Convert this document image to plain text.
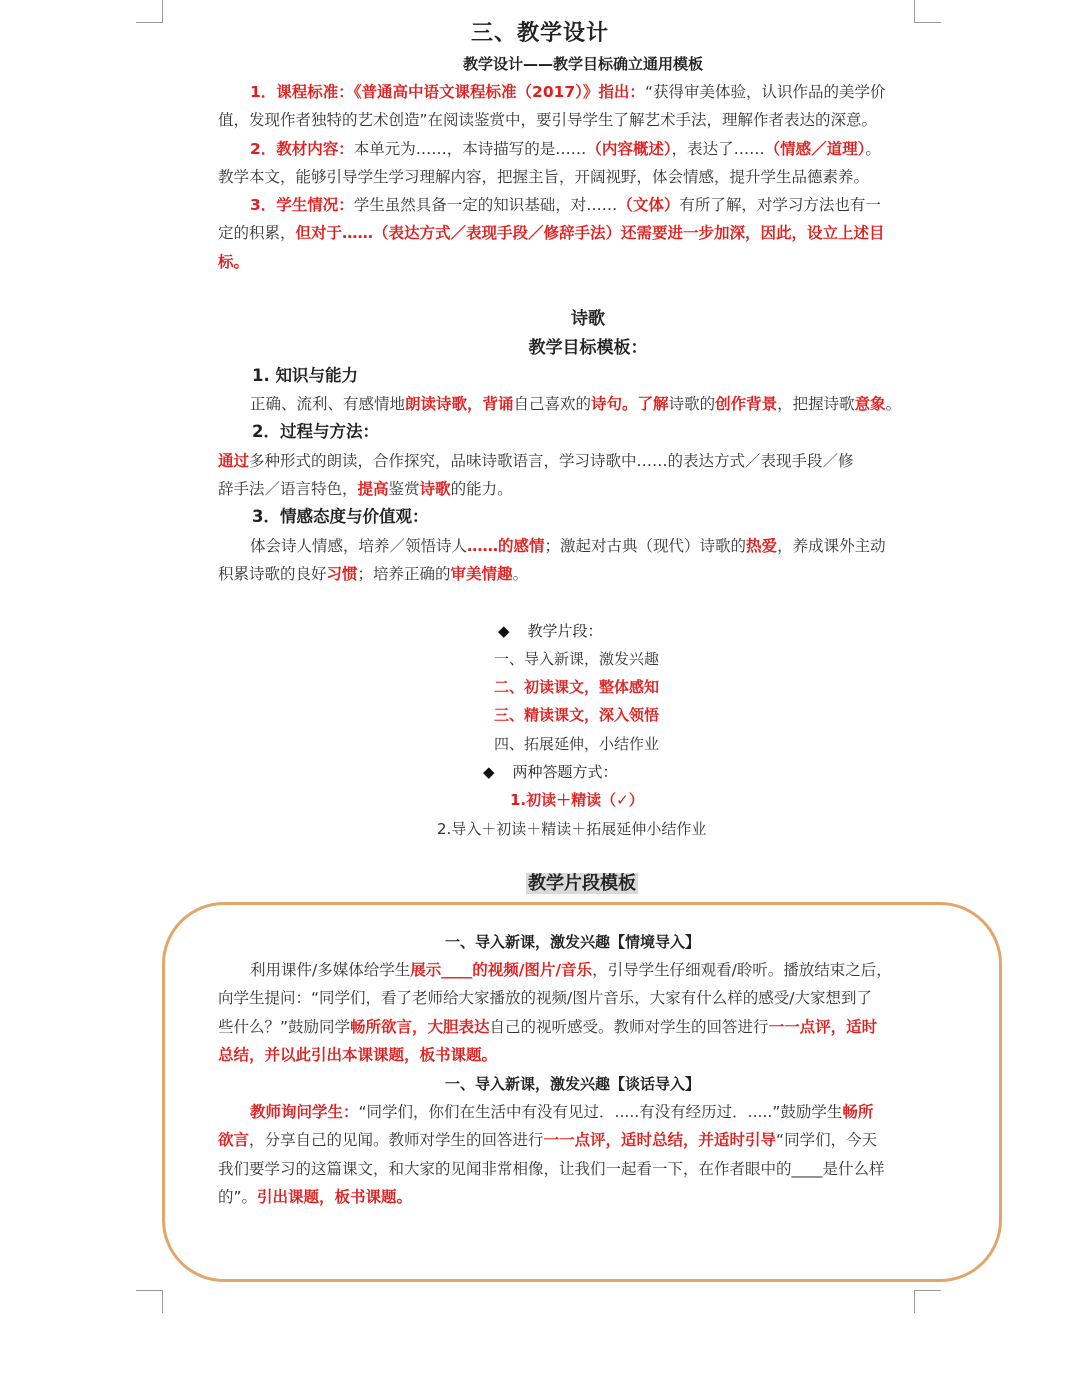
三、教学设计
教学设计——教学目标确立通用模板
1．课程标准：《普通高中语文课程标准（2017）》指出：“获得审美体验，认识作品的美学价
值，发现作者独特的艺术创造”在阅读鉴赏中，要引导学生了解艺术手法，理解作者表达的深意。
2．教材内容：本单元为……，本诗描写的是……（内容概述），表达了……（情感／道理）。
教学本文，能够引导学生学习理解内容，把握主旨，开阔视野，体会情感，提升学生品德素养。
3．学生情况：学生虽然具备一定的知识基础，对……（文体）有所了解，对学习方法也有一
定的积累，但对于……（表达方式／表现手段／修辞手法）还需要进一步加深，因此，设立上述目
标。
诗歌
教学目标模板：
1. 知识与能力
正确、流利、有感情地朗读诗歌，背诵自己喜欢的诗句。了解诗歌的创作背景，把握诗歌意象。
2．过程与方法：
通过多种形式的朗读，合作探究，品味诗歌语言，学习诗歌中……的表达方式／表现手段／修
辞手法／语言特色，提高鉴赏诗歌的能力。
3．情感态度与价值观：
体会诗人情感，培养／领悟诗人……的感情；激起对古典（现代）诗歌的热爱，养成课外主动
积累诗歌的良好习惯；培养正确的审美情趣。
◆ 教学片段：
一、导入新课，激发兴趣
二、初读课文，整体感知
三、精读课文，深入领悟
四、拓展延伸，小结作业
◆ 两种答题方式：
1.初读＋精读（✓）
2.导入＋初读＋精读＋拓展延伸小结作业
教学片段模板
一、导入新课，激发兴趣【情境导入】
利用课件/多媒体给学生展示____的视频/图片/音乐，引导学生仔细观看/聆听。播放结束之后，
向学生提问：“同学们，看了老师给大家播放的视频/图片音乐，大家有什么样的感受/大家想到了
些什么？”鼓励同学畅所欲言，大胆表达自己的视听感受。教师对学生的回答进行一一点评，适时
总结，并以此引出本课课题，板书课题。
一、导入新课，激发兴趣【谈话导入】
教师询问学生：“同学们，你们在生活中有没有见过．.....有没有经历过．.....”鼓励学生畅所
欲言，分享自己的见闻。教师对学生的回答进行一一点评，适时总结，并适时引导“同学们，今天
我们要学习的这篇课文，和大家的见闻非常相像，让我们一起看一下，在作者眼中的____是什么样
的”。引出课题，板书课题。
